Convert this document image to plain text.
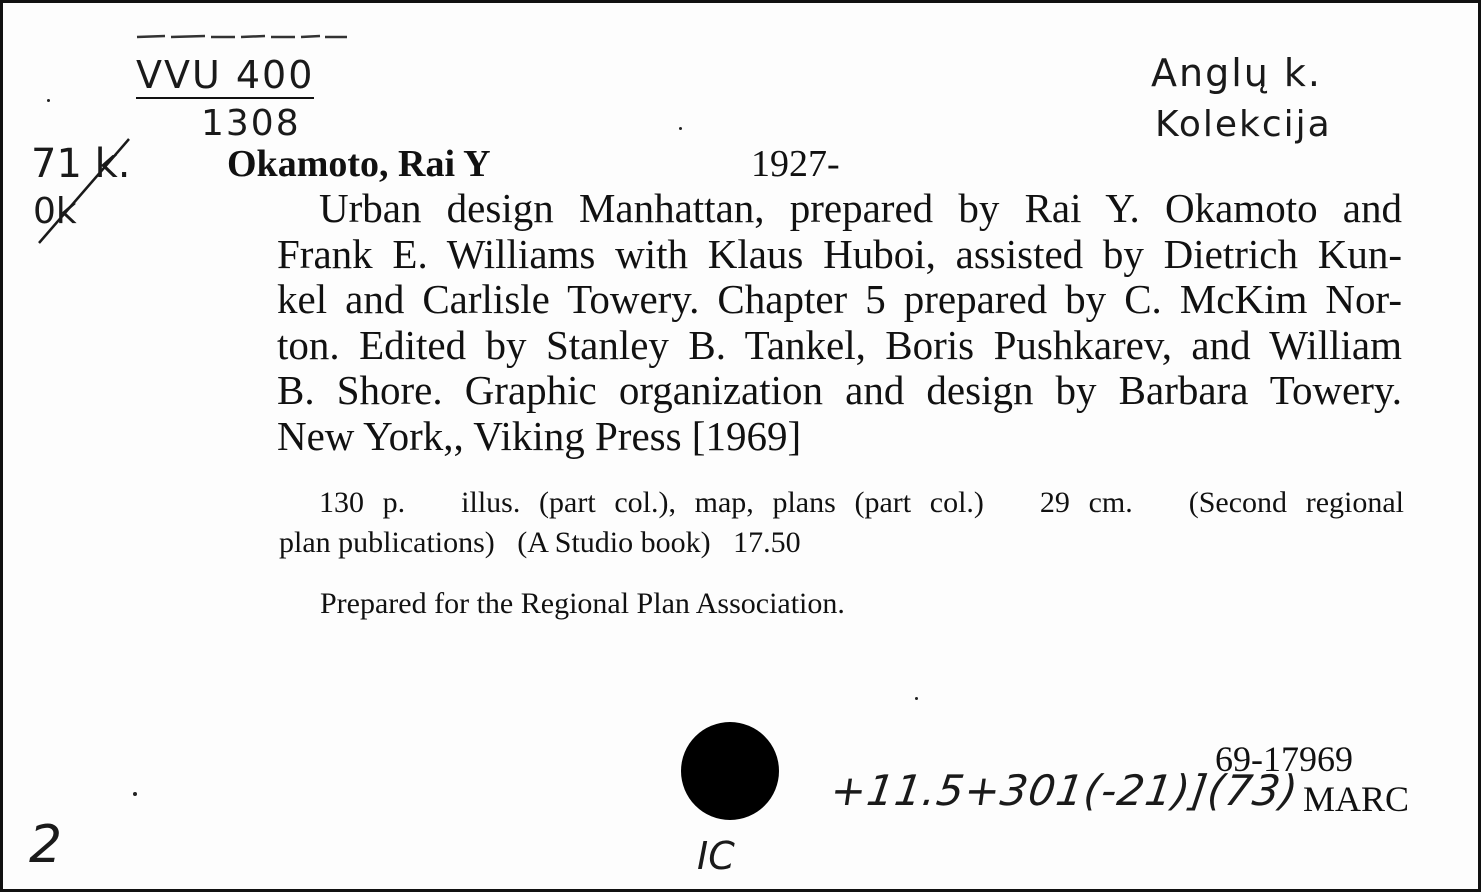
VVU 400
1308
Anglų k.
Kolekcija
71 k.
0k
Okamoto, Rai Y	1927-
Urban design Manhattan, prepared by Rai Y. Okamoto and
Frank E. Williams with Klaus Huboi, assisted by Dietrich Kun-
kel and Carlisle Towery. Chapter 5 prepared by C. McKim Nor-
ton. Edited by Stanley B. Tankel, Boris Pushkarev, and William
B. Shore. Graphic organization and design by Barbara Towery.
New York,, Viking Press [1969]
130 p.   illus. (part col.), map, plans (part col.)   29 cm.   (Second regional
plan publications)   (A Studio book)   17.50
Prepared for the Regional Plan Association.
+11.5+301(-21)](73)
69-17969
MARC
2	IC
